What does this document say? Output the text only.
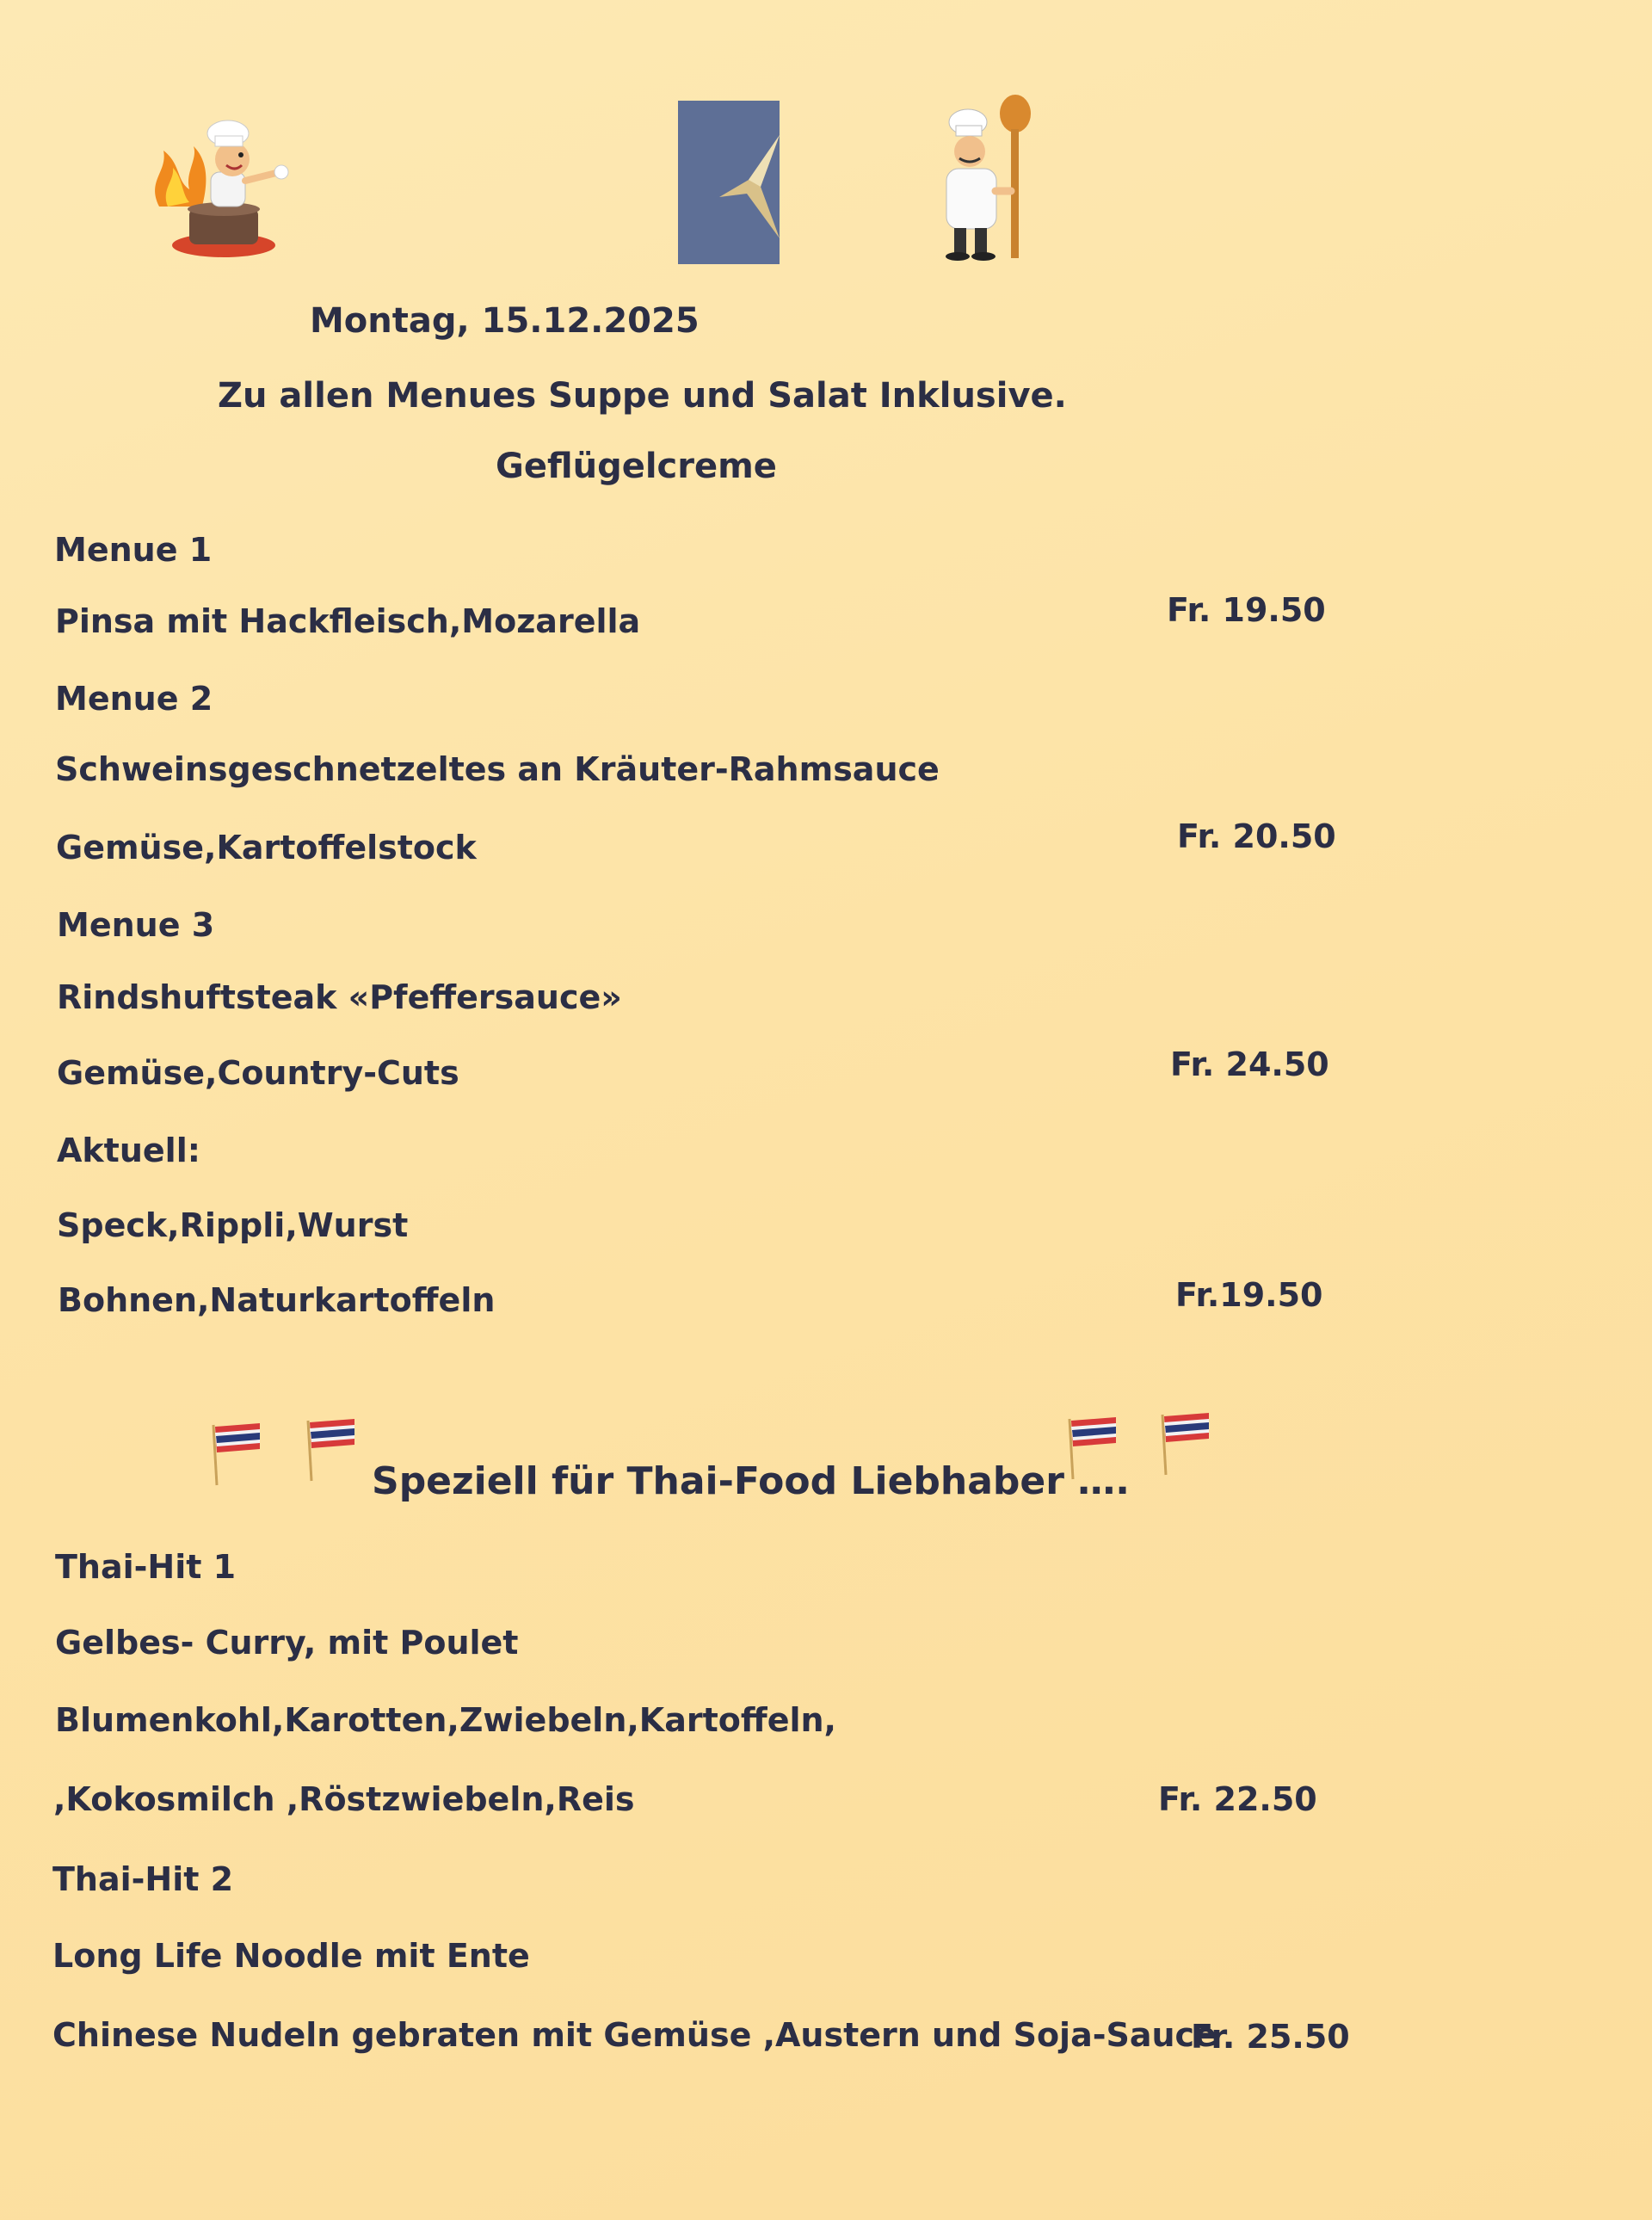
Montag, 15.12.2025
Zu allen Menues Suppe und Salat Inklusive.
Geflügelcreme
Menue 1
Pinsa mit Hackfleisch,Mozarella	Fr. 19.50
Menue 2
Schweinsgeschnetzeltes an Kräuter-Rahmsauce
Gemüse,Kartoffelstock	Fr. 20.50
Menue 3
Rindshuftsteak «Pfeffersauce»
Gemüse,Country-Cuts	Fr. 24.50
Aktuell:
Speck,Rippli,Wurst
Bohnen,Naturkartoffeln	Fr.19.50
Speziell für Thai-Food Liebhaber ….
Thai-Hit 1
Gelbes- Curry, mit Poulet
Blumenkohl,Karotten,Zwiebeln,Kartoffeln,
,Kokosmilch ,Röstzwiebeln,Reis	Fr. 22.50
Thai-Hit 2
Long Life Noodle mit Ente
Chinese Nudeln gebraten mit Gemüse ,Austern und Soja-Sauce
Fr. 25.50
